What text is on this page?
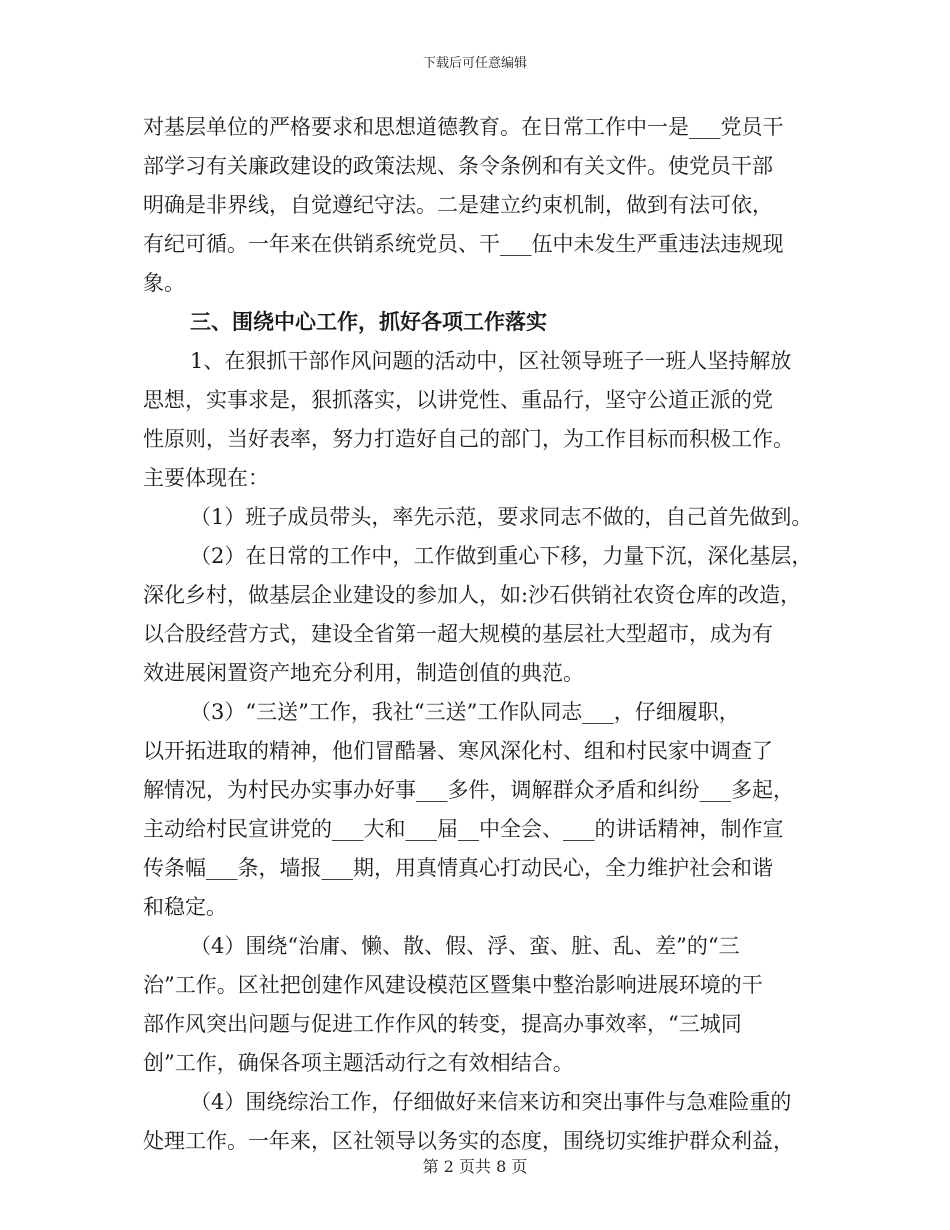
下载后可任意编辑
对基层单位的严格要求和思想道德教育。在日常工作中一是___党员干
部学习有关廉政建设的政策法规、条令条例和有关文件。使党员干部
明确是非界线，自觉遵纪守法。二是建立约束机制，做到有法可依，
有纪可循。一年来在供销系统党员、干___伍中未发生严重违法违规现
象。
三、围绕中心工作，抓好各项工作落实
1、在狠抓干部作风问题的活动中，区社领导班子一班人坚持解放
思想，实事求是，狠抓落实，以讲党性、重品行，坚守公道正派的党
性原则，当好表率，努力打造好自己的部门，为工作目标而积极工作。
主要体现在：
（1）班子成员带头，率先示范，要求同志不做的，自己首先做到。
（2）在日常的工作中，工作做到重心下移，力量下沉，深化基层，
深化乡村，做基层企业建设的参加人，如:沙石供销社农资仓库的改造，
以合股经营方式，建设全省第一超大规模的基层社大型超市，成为有
效进展闲置资产地充分利用，制造创值的典范。
（3）“三送”工作，我社“三送”工作队同志___，仔细履职，
以开拓进取的精神，他们冒酷暑、寒风深化村、组和村民家中调查了
解情况，为村民办实事办好事___多件，调解群众矛盾和纠纷___多起，
主动给村民宣讲党的___大和___届__中全会、___的讲话精神，制作宣
传条幅___条，墙报___期，用真情真心打动民心，全力维护社会和谐
和稳定。
（4）围绕“治庸、懒、散、假、浮、蛮、脏、乱、差”的“三
治”工作。区社把创建作风建设模范区暨集中整治影响进展环境的干
部作风突出问题与促进工作作风的转变，提高办事效率，“三城同
创”工作，确保各项主题活动行之有效相结合。
（4）围绕综治工作，仔细做好来信来访和突出事件与急难险重的
处理工作。一年来，区社领导以务实的态度，围绕切实维护群众利益，
第 2 页共 8 页
